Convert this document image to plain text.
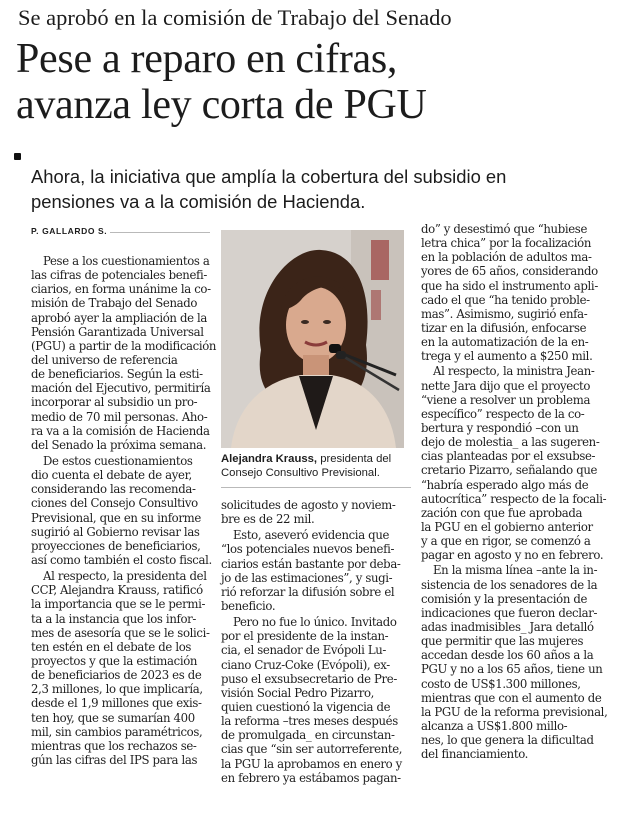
Se aprobó en la comisión de Trabajo del Senado
Pese a reparo en cifras,
avanza ley corta de PGU
Ahora, la iniciativa que amplía la cobertura del subsidio en
pensiones va a la comisión de Hacienda.
P. GALLARDO S.
Pese a los cuestionamientos a
las cifras de potenciales benefi-
ciarios, en forma unánime la co-
misión de Trabajo del Senado
aprobó ayer la ampliación de la
Pensión Garantizada Universal
(PGU) a partir de la modificación
del universo de referencia
de beneficiarios. Según la esti-
mación del Ejecutivo, permitiría
incorporar al subsidio un pro-
medio de 70 mil personas. Aho-
ra va a la comisión de Hacienda
del Senado la próxima semana.
De estos cuestionamientos
dio cuenta el debate de ayer,
considerando las recomenda-
ciones del Consejo Consultivo
Previsional, que en su informe
sugirió al Gobierno revisar las
proyecciones de beneficiarios,
así como también el costo fiscal.
Al respecto, la presidenta del
CCP, Alejandra Krauss, ratificó
la importancia que se le permi-
ta a la instancia que los infor-
mes de asesoría que se le solici-
ten estén en el debate de los
proyectos y que la estimación
de beneficiarios de 2023 es de
2,3 millones, lo que implicaría,
desde el 1,9 millones que exis-
ten hoy, que se sumarían 400
mil, sin cambios paramétricos,
mientras que los rechazos se-
gún las cifras del IPS para las
Alejandra Krauss, presidenta del
Consejo Consultivo Previsional.
solicitudes de agosto y noviem-
bre es de 22 mil.
Esto, aseveró evidencia que
“los potenciales nuevos benefi-
ciarios están bastante por deba-
jo de las estimaciones”, y sugi-
rió reforzar la difusión sobre el
beneficio.
Pero no fue lo único. Invitado
por el presidente de la instan-
cia, el senador de Evópoli Lu-
ciano Cruz-Coke (Evópoli), ex-
puso el exsubsecretario de Pre-
visión Social Pedro Pizarro,
quien cuestionó la vigencia de
la reforma –tres meses después
de promulgada_ en circunstan-
cias que “sin ser autorreferente,
la PGU la aprobamos en enero y
en febrero ya estábamos pagan-
do” y desestimó que “hubiese
letra chica” por la focalización
en la población de adultos ma-
yores de 65 años, considerando
que ha sido el instrumento apli-
cado el que “ha tenido proble-
mas”. Asimismo, sugirió enfa-
tizar en la difusión, enfocarse
en la automatización de la en-
trega y el aumento a $250 mil.
Al respecto, la ministra Jean-
nette Jara dijo que el proyecto
“viene a resolver un problema
específico” respecto de la co-
bertura y respondió –con un
dejo de molestia_ a las sugeren-
cias planteadas por el exsubse-
cretario Pizarro, señalando que
“habría esperado algo más de
autocrítica” respecto de la focali-
zación con que fue aprobada
la PGU en el gobierno anterior
y a que en rigor, se comenzó a
pagar en agosto y no en febrero.
En la misma línea –ante la in-
sistencia de los senadores de la
comisión y la presentación de
indicaciones que fueron declar-
adas inadmisibles_ Jara detalló
que permitir que las mujeres
accedan desde los 60 años a la
PGU y no a los 65 años, tiene un
costo de US$1.300 millones,
mientras que con el aumento de
la PGU de la reforma previsional,
alcanza a US$1.800 millo-
nes, lo que genera la dificultad
del financiamiento.
